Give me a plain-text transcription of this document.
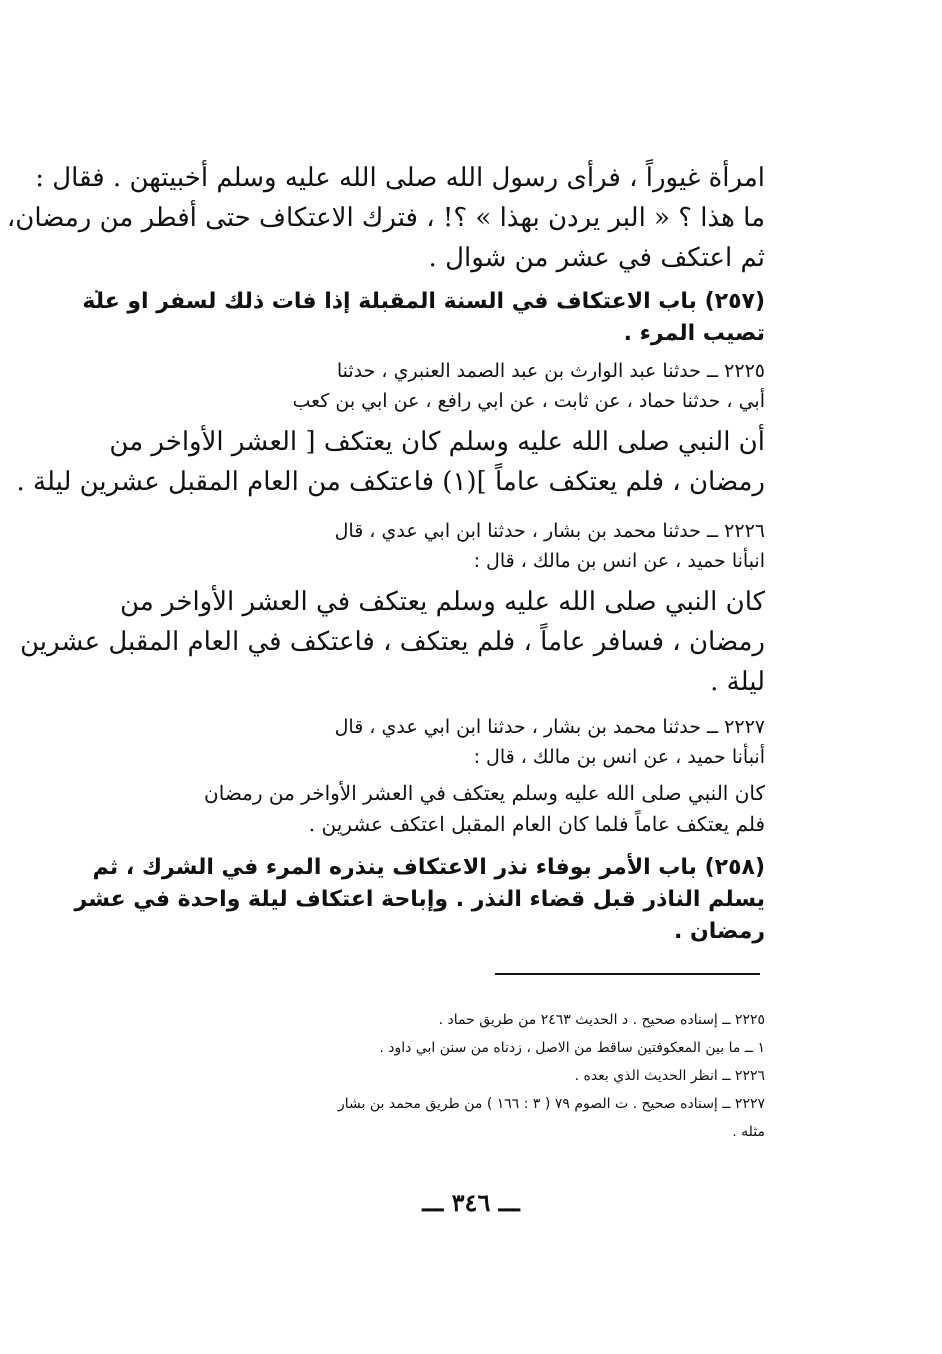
امرأة غيوراً ، فرأى رسول الله صلى الله عليه وسلم أخبيتهن . فقال :
ما هذا ؟ « البر يردن بهذا » ؟! ، فترك الاعتكاف حتى أفطر من رمضان،
ثم اعتكف في عشر من شوال .
(٢٥٧) باب الاعتكاف في السنة المقبلة إذا فات ذلك لسفر او علة
تصيب المرء .
٢٢٢٥ ــ حدثنا عبد الوارث بن عبد الصمد العنبري ، حدثنا
أبي ، حدثنا حماد ، عن ثابت ، عن ابي رافع ، عن ابي بن كعب
أن النبي صلى الله عليه وسلم كان يعتكف [ العشر الأواخر من
رمضان ، فلم يعتكف عاماً ](١) فاعتكف من العام المقبل عشرين ليلة .
٢٢٢٦ ــ حدثنا محمد بن بشار ، حدثنا ابن ابي عدي ، قال
انبأنا حميد ، عن انس بن مالك ، قال :
كان النبي صلى الله عليه وسلم يعتكف في العشر الأواخر من
رمضان ، فسافر عاماً ، فلم يعتكف ، فاعتكف في العام المقبل عشرين
ليلة .
٢٢٢٧ ــ حدثنا محمد بن بشار ، حدثنا ابن ابي عدي ، قال
أنبأنا حميد ، عن انس بن مالك ، قال :
كان النبي صلى الله عليه وسلم يعتكف في العشر الأواخر من رمضان
فلم يعتكف عاماً فلما كان العام المقبل اعتكف عشرين .
(٢٥٨) باب الأمر بوفاء نذر الاعتكاف ينذره المرء في الشرك ، ثم
يسلم الناذر قبل قضاء النذر . وإباحة اعتكاف ليلة واحدة في عشر
رمضان .
٢٢٢٥ ــ إسناده صحيح . د الحديث ٢٤٦٣ من طريق حماد .
١ ــ ما بين المعكوفتين ساقط من الاصل ، زدناه من سنن ابي داود .
٢٢٢٦ ــ انظر الحديث الذي بعده .
٢٢٢٧ ــ إسناده صحيح . ت الصوم ٧٩ ( ٣ : ١٦٦ ) من طريق محمد بن بشار
مثله .
ـــ ٣٤٦ ـــ
